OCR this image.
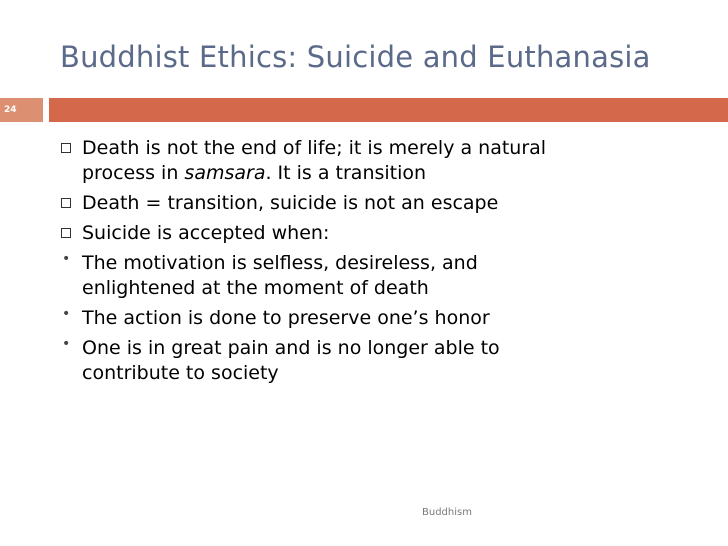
Buddhist Ethics: Suicide and Euthanasia
24
Death is not the end of life; it is merely a natural
process in samsara. It is a transition
Death = transition, suicide is not an escape
Suicide is accepted when:
• The motivation is selfless, desireless, and
enlightened at the moment of death
• The action is done to preserve one’s honor
• One is in great pain and is no longer able to
contribute to society
Buddhism
